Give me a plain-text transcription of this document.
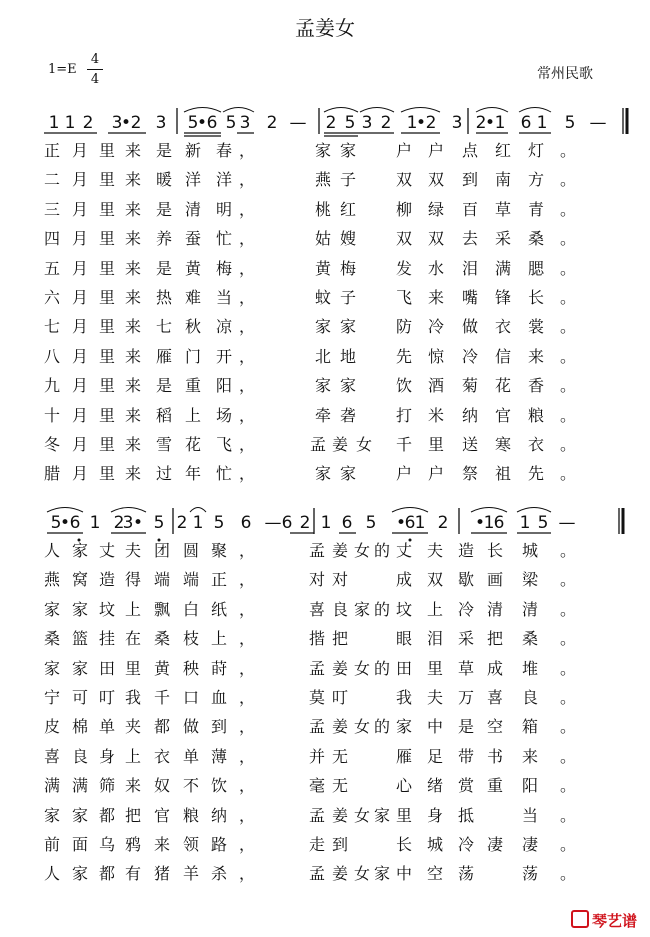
孟姜女
1=E
4
4	常州民歌
1 1 2 3
• 2 3 5
• 6 5 3 2 — 2 5 3 2 1
• 2 3 2
• 1 6 1 5 —
5
• 6 1 2
3 • 5 2 1 5 6 — 6 2 1 6 5 •
6 1 2 •
1 6 1 5 —
正 月 里 来 是 新 春 ，	家 家 户 户 点 红 灯 。
二 月 里 来 暖 洋 洋 ，	燕 子 双 双 到 南 方 。
三 月 里 来 是 清 明 ，	桃 红 柳 绿 百 草 青 。
四 月 里 来 养 蚕 忙 ，	姑 嫂 双 双 去 采 桑 。
五 月 里 来 是 黄 梅 ，	黄 梅 发 水 泪 满 腮 。
六 月 里 来 热 难 当 ，	蚊 子 飞 来 嘴 锋 长 。
七 月 里 来 七 秋 凉 ，	家 家 防 冷 做 衣 裳 。
八 月 里 来 雁 门 开 ，	北 地 先 惊 冷 信 来 。
九 月 里 来 是 重 阳 ，	家 家 饮 酒 菊 花 香 。
十 月 里 来 稻 上 场 ，	牵 砻 打 米 纳 官 粮 。
冬 月 里 来 雪 花 飞 ，	孟 姜 女 千 里 送 寒 衣 。
腊 月 里 来 过 年 忙 ，	家 家 户 户 祭 祖 先 。
人 家 丈 夫 团 圆 聚 ，	孟 姜 女 的 丈 夫 造 长 城 。
燕 窝 造 得 端 端 正 ，	对 对	成 双 歇 画 梁 。
家 家 坟 上 飘 白 纸 ，	喜 良 家 的 坟 上 冷 清 清 。
桑 篮 挂 在 桑 枝 上 ，	揩 把	眼 泪 采 把 桑 。
家 家 田 里 黄 秧 莳 ，	孟 姜 女 的 田 里 草 成 堆 。
宁 可 叮 我 千 口 血 ，	莫 叮	我 夫 万 喜 良 。
皮 棉 单 夹 都 做 到 ，	孟 姜 女 的 家 中 是 空 箱 。
喜 良 身 上 衣 单 薄 ，	并 无	雁 足 带 书 来 。
满 满 筛 来 奴 不 饮 ，	毫 无	心 绪 赏 重 阳 。
家 家 都 把 官 粮 纳 ，	孟 姜 女 家 里 身 抵	当 。
前 面 乌 鸦 来 领 路 ，	走 到	长 城 冷 凄 凄 。
人 家 都 有 猪 羊 杀 ，	孟 姜 女 家 中 空 荡	荡 。
琴艺谱
